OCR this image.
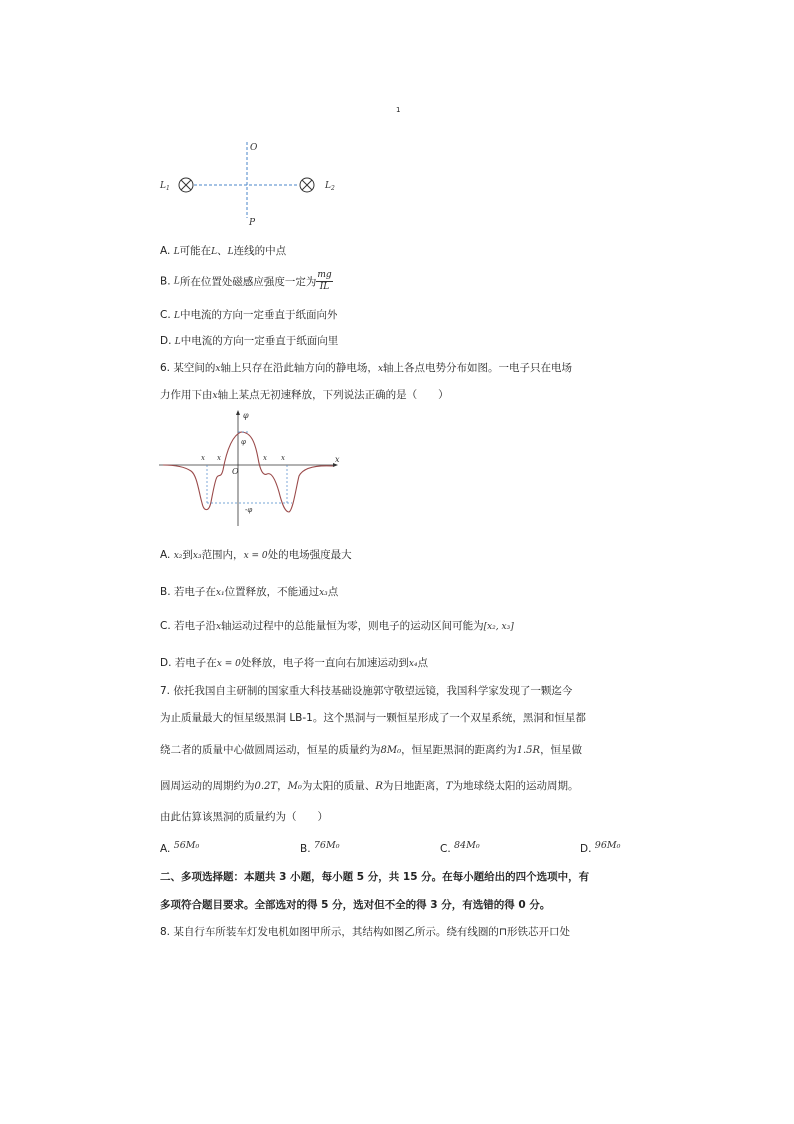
1
O
P
L 1	L 2
A. L可能在L、L连线的中点
B. L所在位置处磁感应强度一定为 $\frac{mg}{IL}$
C. L中电流的方向一定垂直于纸面向外
D. L中电流的方向一定垂直于纸面向里
6. 某空间的x轴上只存在沿此轴方向的静电场，x轴上各点电势分布如图。一电子只在电场
力作用下由x轴上某点无初速释放，下列说法正确的是（　　）
φ
x
O
x x	x x
φ
-φ
A. x₂到x₃范围内，x = 0处的电场强度最大
B. 若电子在x₁位置释放，不能通过x₃点
C. 若电子沿x轴运动过程中的总能量恒为零，则电子的运动区间可能为[x₂, x₃]
D. 若电子在x = 0处释放，电子将一直向右加速运动到x₄点
7. 依托我国自主研制的国家重大科技基础设施郭守敬望远镜，我国科学家发现了一颗迄今
为止质量最大的恒星级黑洞 LB-1。这个黑洞与一颗恒星形成了一个双星系统，黑洞和恒星都
绕二者的质量中心做圆周运动，恒星的质量约为8M₀，恒星距黑洞的距离约为1.5R，恒星做
圆周运动的周期约为0.2T，M₀为太阳的质量、R为日地距离，T为地球绕太阳的运动周期。
由此估算该黑洞的质量约为（　　）
A. 56M₀	B. 76M₀	C. 84M₀	D. 96M₀
二、多项选择题：本题共 3 小题，每小题 5 分，共 15 分。在每小题给出的四个选项中，有
多项符合题目要求。全部选对的得 5 分，选对但不全的得 3 分，有选错的得 0 分。
8. 某自行车所装车灯发电机如图甲所示，其结构如图乙所示。绕有线圈的⊓形铁芯开口处
